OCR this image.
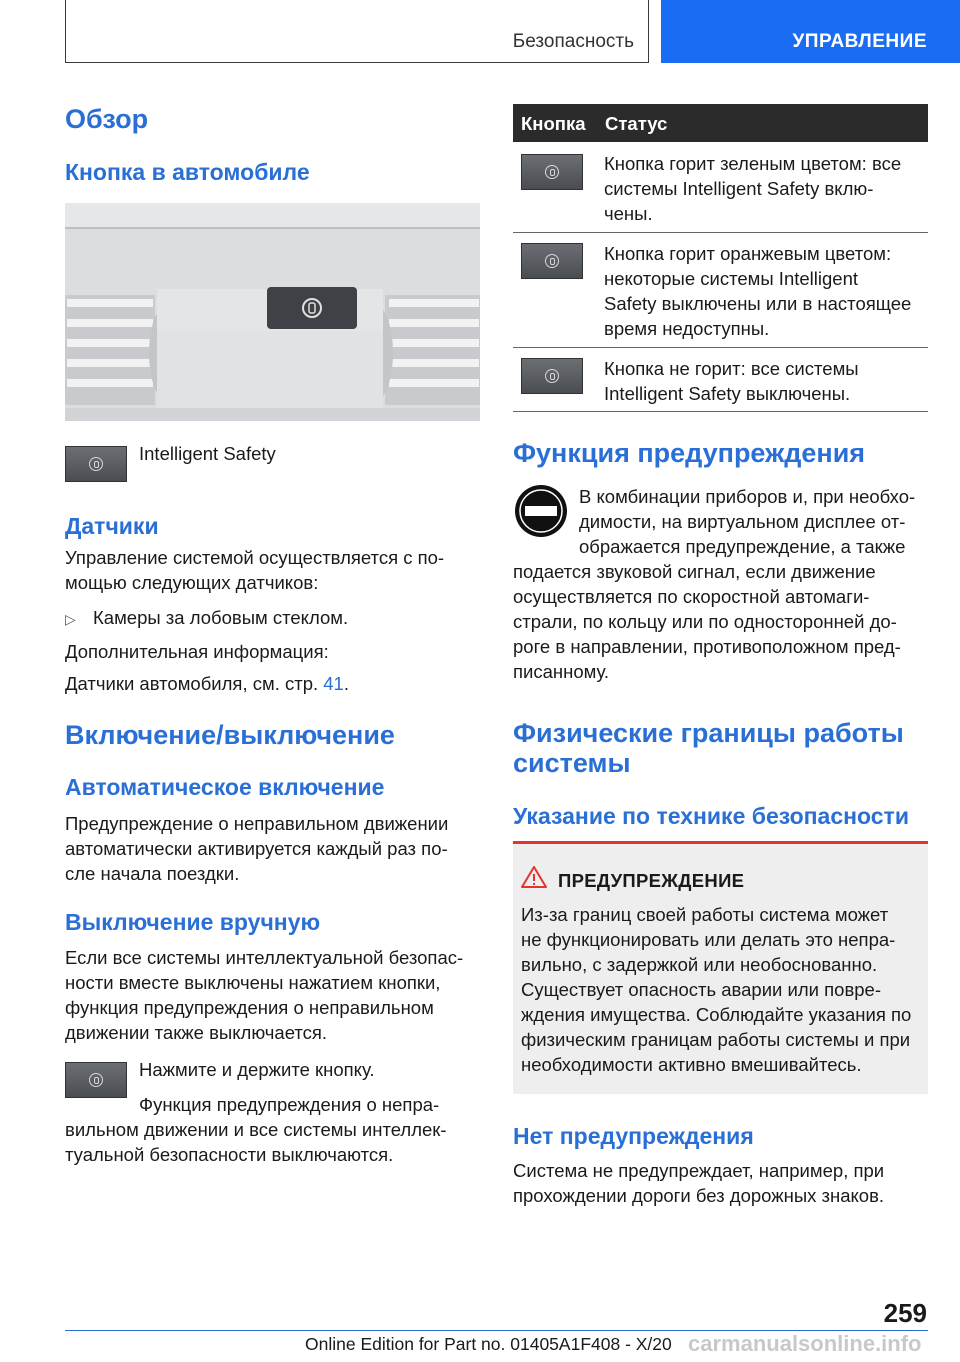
Безопасность	УПРАВЛЕНИЕ
Обзор
Кнопка в автомобиле

Intelligent Safety

Датчики

Управление системой осуществляется с по-

мощью следующих датчиков:

▷ Камеры за лобовым стеклом.

Дополнительная информация:

Датчики автомобиля, см. стр. 41.

Включение/выключение
Автоматическое включение

Предупреждение о неправильном движении

автоматически активируется каждый раз по-

сле начала поездки.

Выключение вручную

Если все системы интеллектуальной безопас-

ности вместе выключены нажатием кнопки,

функция предупреждения о неправильном

движении также выключается.

Нажмите и держите кнопку.

Функция предупреждения о непра-

вильном движении и все системы интеллек-

туальной безопасности выключаются.

Кнопка Статус

Кнопка горит зеленым цветом: все

системы Intelligent Safety вклю-

чены.

Кнопка горит оранжевым цветом:

некоторые системы Intelligent

Safety выключены или в настоящее

время недоступны.

Кнопка не горит: все системы

Intelligent Safety выключены.

Функция предупреждения

В комбинации приборов и, при необхо-

димости, на виртуальном дисплее от-

ображается предупреждение, а также

подается звуковой сигнал, если движение

осуществляется по скоростной автомаги-

страли, по кольцу или по односторонней до-

роге в направлении, противоположном пред-

писанному.

Физические границы работы
системы
Указание по технике безопасности

ПРЕДУПРЕЖДЕНИЕ

Из-за границ своей работы система может

не функционировать или делать это непра-

вильно, с задержкой или необоснованно.

Существует опасность аварии или повре-

ждения имущества. Соблюдайте указания по

физическим границам работы системы и при

необходимости активно вмешивайтесь.

Нет предупреждения

Система не предупреждает, например, при

прохождении дороги без дорожных знаков.

259
Online Edition for Part no. 01405A1F408 - X/20 carmanualsonline.info
